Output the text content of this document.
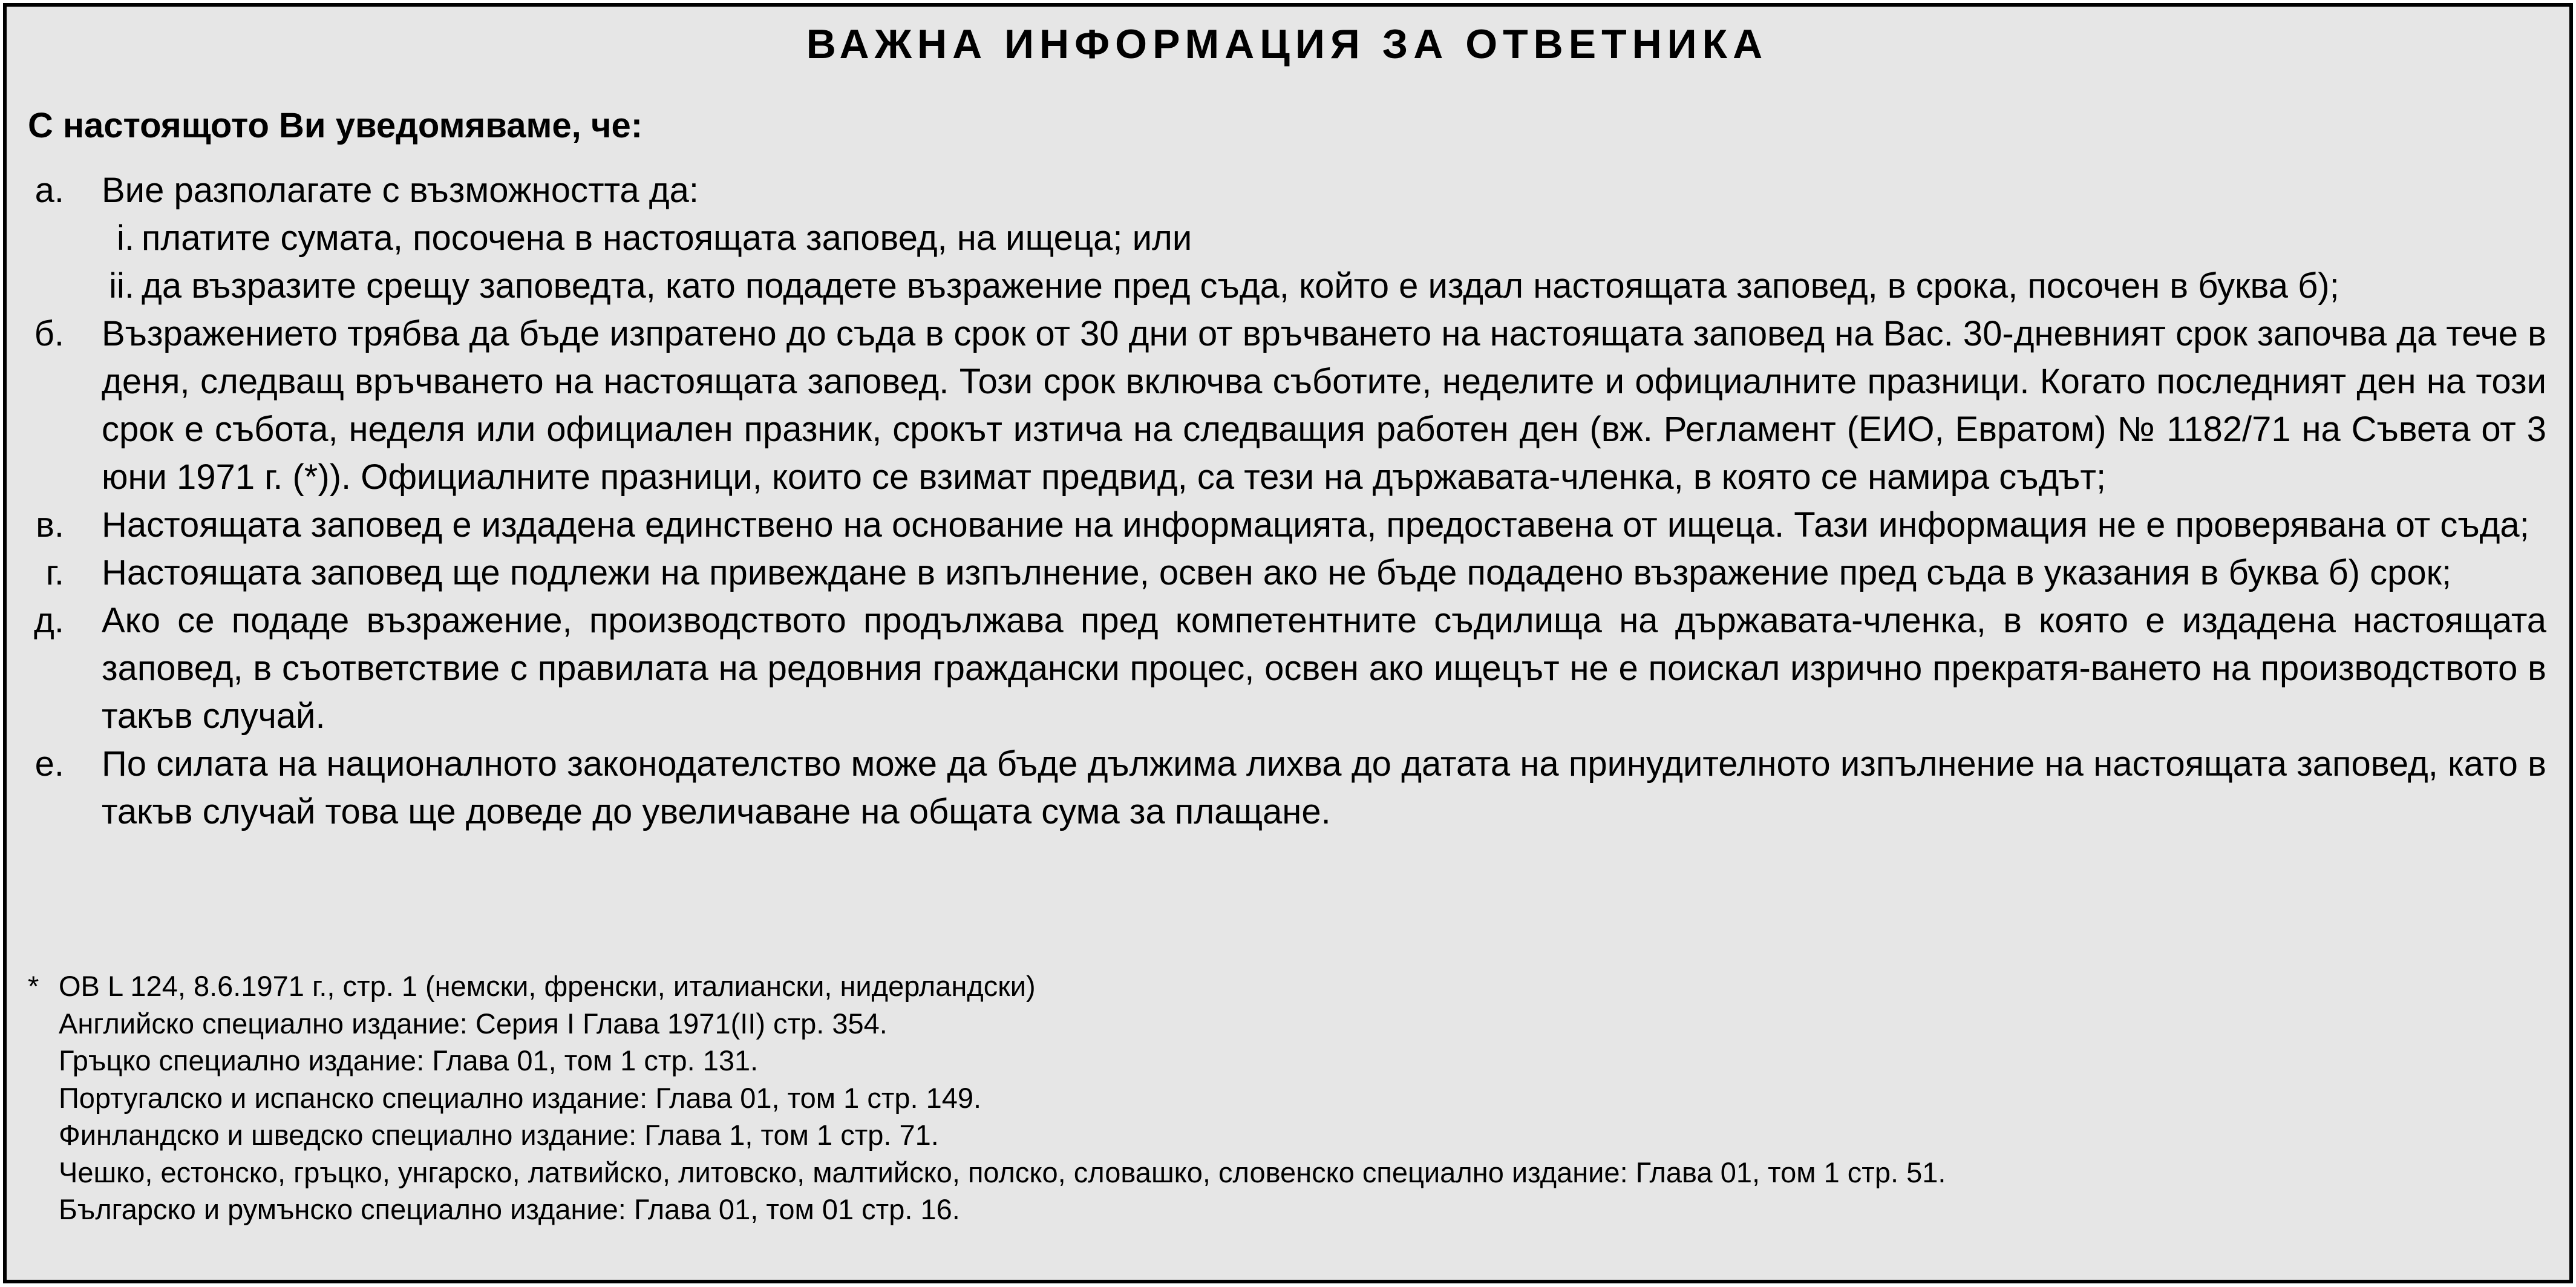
ВАЖНА ИНФОРМАЦИЯ ЗА ОТВЕТНИКА
С настоящото Ви уведомяваме, че:
а. Вие разполагате с възможността да:
i. платите сумата, посочена в настоящата заповед, на ищеца; или
ii. да възразите срещу заповедта, като подадете възражение пред съда, който е издал настоящата заповед, в срока, посочен в буква б);
б. Възражението трябва да бъде изпратено до съда в срок от 30 дни от връчването на настоящата заповед на Вас. 30-дневният срок започва да тече в деня, следващ връчването на настоящата заповед. Този срок включва съботите, неделите и официалните празници. Когато последният ден на този срок е събота, неделя или официален празник, срокът изтича на следващия работен ден (вж. Регламент (ЕИО, Евратом) № 1182/71 на Съвета от 3 юни 1971 г. (*)). Официалните празници, които се взимат предвид, са тези на държавата-членка, в която се намира съдът;
в. Настоящата заповед е издадена единствено на основание на информацията, предоставена от ищеца. Тази информация не е проверявана от съда;
г. Настоящата заповед ще подлежи на привеждане в изпълнение, освен ако не бъде подадено възражение пред съда в указания в буква б) срок;
д. Ако се подаде възражение, производството продължава пред компетентните съдилища на държавата-членка, в която е издадена настоящата заповед, в съответствие с правилата на редовния граждански процес, освен ако ищецът не е поискал изрично прекратя-ването на производството в такъв случай.
е. По силата на националното законодателство може да бъде дължима лихва до датата на принудителното изпълнение на настоящата заповед, като в такъв случай това ще доведе до увеличаване на общата сума за плащане.
* ОВ L 124, 8.6.1971 г., стр. 1 (немски, френски, италиански, нидерландски)
Английско специално издание: Серия I Глава 1971(II) стр. 354.
Гръцко специално издание: Глава 01, том 1 стр. 131.
Португалско и испанско специално издание: Глава 01, том 1 стр. 149.
Финландско и шведско специално издание: Глава 1, том 1 стр. 71.
Чешко, естонско, гръцко, унгарско, латвийско, литовско, малтийско, полско, словашко, словенско специално издание: Глава 01, том 1 стр. 51.
Българско и румънско специално издание: Глава 01, том 01 стр. 16.
